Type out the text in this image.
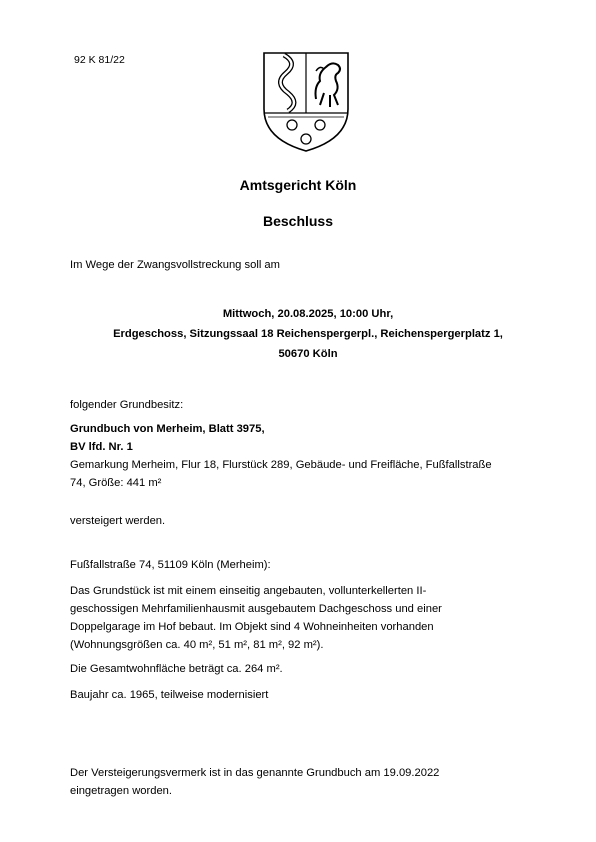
92 K 81/22
Amtsgericht Köln
Beschluss
Im Wege der Zwangsvollstreckung soll am
Mittwoch, 20.08.2025, 10:00 Uhr,
Erdgeschoss, Sitzungssaal 18 Reichenspergerpl., Reichenspergerplatz 1,
50670 Köln
folgender Grundbesitz:
Grundbuch von Merheim, Blatt 3975,
BV lfd. Nr. 1
Gemarkung Merheim, Flur 18, Flurstück 289, Gebäude- und Freifläche, Fußfallstraße
74, Größe: 441 m²
versteigert werden.
Fußfallstraße 74, 51109 Köln (Merheim):
Das Grundstück ist mit einem einseitig angebauten, vollunterkellerten II-
geschossigen Mehrfamilienhausmit ausgebautem Dachgeschoss und einer
Doppelgarage im Hof bebaut. Im Objekt sind 4 Wohneinheiten vorhanden
(Wohnungsgrößen ca. 40 m², 51 m², 81 m², 92 m²).
Die Gesamtwohnfläche beträgt ca. 264 m².
Baujahr ca. 1965, teilweise modernisiert
Der Versteigerungsvermerk ist in das genannte Grundbuch am 19.09.2022
eingetragen worden.
